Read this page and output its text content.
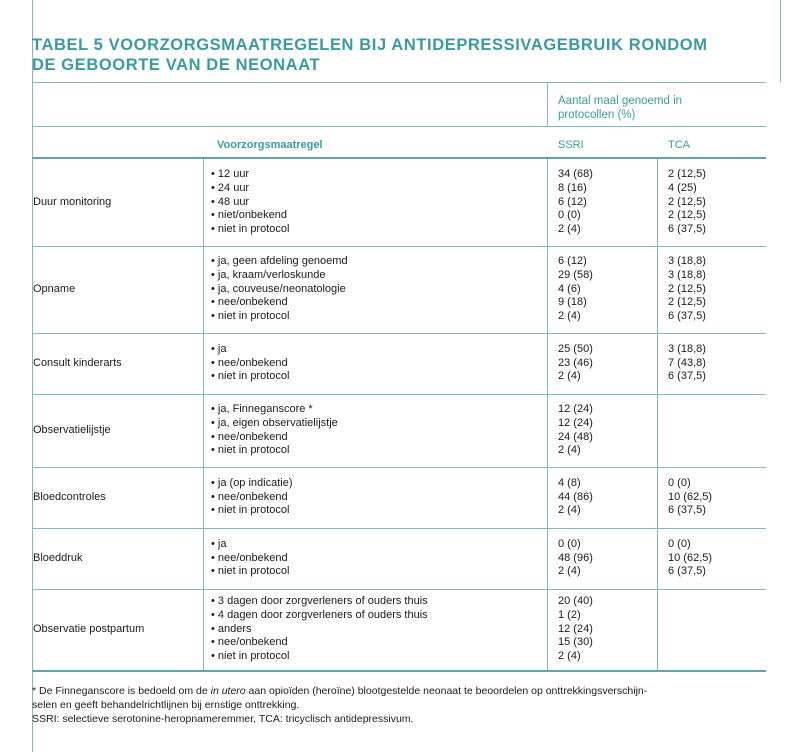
TABEL 5 VOORZORGSMAATREGELEN BIJ ANTIDEPRESSIVAGEBRUIK RONDOM
DE GEBOORTE VAN DE NEONAAT
Aantal maal genoemd in
protocollen (%)
Voorzorgsmaatregel	SSRI	TCA
Duur monitoring
• 12 uur
• 24 uur
• 48 uur
• niet/onbekend
• niet in protocol
34 (68)
8 (16)
6 (12)
0 (0)
2 (4)
2 (12,5)
4 (25)
2 (12,5)
2 (12,5)
6 (37,5)
Opname
• ja, geen afdeling genoemd
• ja, kraam/verloskunde
• ja, couveuse/neonatologie
• nee/onbekend
• niet in protocol
6 (12)
29 (58)
4 (6)
9 (18)
2 (4)
3 (18,8)
3 (18,8)
2 (12,5)
2 (12,5)
6 (37,5)
Consult kinderarts
• ja
• nee/onbekend
• niet in protocol
25 (50)
23 (46)
2 (4)
3 (18,8)
7 (43,8)
6 (37,5)
Observatielijstje
• ja, Finneganscore *
• ja, eigen observatielijstje
• nee/onbekend
• niet in protocol
12 (24)
12 (24)
24 (48)
2 (4)
Bloedcontroles
• ja (op indicatie)
• nee/onbekend
• niet in protocol
4 (8)
44 (86)
2 (4)
0 (0)
10 (62,5)
6 (37,5)
Bloeddruk
• ja
• nee/onbekend
• niet in protocol
0 (0)
48 (96)
2 (4)
0 (0)
10 (62,5)
6 (37,5)
Observatie postpartum
• 3 dagen door zorgverleners of ouders thuis
• 4 dagen door zorgverleners of ouders thuis
• anders
• nee/onbekend
• niet in protocol
20 (40)
1 (2)
12 (24)
15 (30)
2 (4)
* De Finneganscore is bedoeld om de in utero aan opioïden (heroïne) blootgestelde neonaat te beoordelen op onttrekkingsverschijn-
selen en geeft behandelrichtlijnen bij ernstige onttrekking.
SSRI: selectieve serotonine-heropnameremmer, TCA: tricyclisch antidepressivum.
